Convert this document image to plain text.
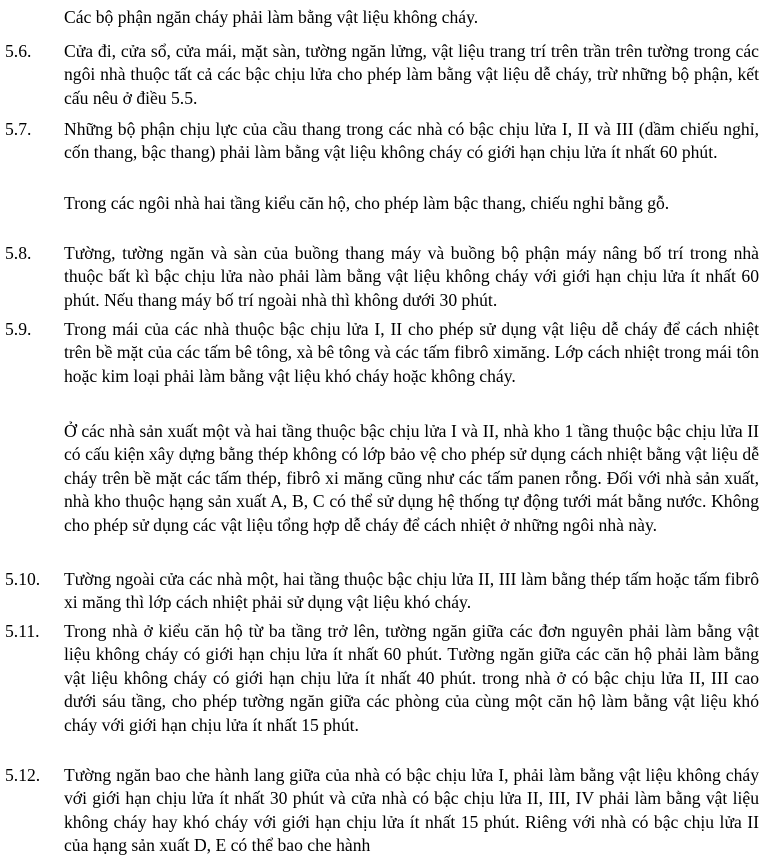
Các bộ phận ngăn cháy phải làm bằng vật liệu không cháy.
5.6. Cửa đi, cửa sổ, cửa mái, mặt sàn, tường ngăn lửng, vật liệu trang trí trên trần trên tường trong các ngôi nhà thuộc tất cả các bậc chịu lửa cho phép làm bằng vật liệu dễ cháy, trừ những bộ phận, kết cấu nêu ở điều 5.5.
5.7. Những bộ phận chịu lực của cầu thang trong các nhà có bậc chịu lửa I, II và III (dầm chiếu nghỉ, cốn thang, bậc thang) phải làm bằng vật liệu không cháy có giới hạn chịu lửa ít nhất 60 phút.
Trong các ngôi nhà hai tầng kiểu căn hộ, cho phép làm bậc thang, chiếu nghỉ bằng gỗ.
5.8. Tường, tường ngăn và sàn của buồng thang máy và buồng bộ phận máy nâng bố trí trong nhà thuộc bất kì bậc chịu lửa nào phải làm bằng vật liệu không cháy với giới hạn chịu lửa ít nhất 60 phút. Nếu thang máy bố trí ngoài nhà thì không dưới 30 phút.
5.9. Trong mái của các nhà thuộc bậc chịu lửa I, II cho phép sử dụng vật liệu dễ cháy để cách nhiệt trên bề mặt của các tấm bê tông, xà bê tông và các tấm fibrô ximăng. Lớp cách nhiệt trong mái tôn hoặc kim loại phải làm bằng vật liệu khó cháy hoặc không cháy.
Ở các nhà sản xuất một và hai tầng thuộc bậc chịu lửa I và II, nhà kho 1 tầng thuộc bậc chịu lửa II có cấu kiện xây dựng bằng thép không có lớp bảo vệ cho phép sử dụng cách nhiệt bằng vật liệu dễ cháy trên bề mặt các tấm thép, fibrô xi măng cũng như các tấm panen rỗng. Đối với nhà sản xuất, nhà kho thuộc hạng sản xuất A, B, C có thể sử dụng hệ thống tự động tưới mát bằng nước. Không cho phép sử dụng các vật liệu tổng hợp dễ cháy để cách nhiệt ở những ngôi nhà này.
5.10. Tường ngoài cửa các nhà một, hai tầng thuộc bậc chịu lửa II, III làm bằng thép tấm hoặc tấm fibrô xi măng thì lớp cách nhiệt phải sử dụng vật liệu khó cháy.
5.11. Trong nhà ở kiểu căn hộ từ ba tầng trở lên, tường ngăn giữa các đơn nguyên phải làm bằng vật liệu không cháy có giới hạn chịu lửa ít nhất 60 phút. Tường ngăn giữa các căn hộ phải làm bằng vật liệu không cháy có giới hạn chịu lửa ít nhất 40 phút. trong nhà ở có bậc chịu lửa II, III cao dưới sáu tầng, cho phép tường ngăn giữa các phòng của cùng một căn hộ làm bằng vật liệu khó cháy với giới hạn chịu lửa ít nhất 15 phút.
5.12. Tường ngăn bao che hành lang giữa của nhà có bậc chịu lửa I, phải làm bằng vật liệu không cháy với giới hạn chịu lửa ít nhất 30 phút và cửa nhà có bậc chịu lửa II, III, IV phải làm bằng vật liệu không cháy hay khó cháy với giới hạn chịu lửa ít nhất 15 phút. Riêng với nhà có bậc chịu lửa II của hạng sản xuất D, E có thể bao che hành
